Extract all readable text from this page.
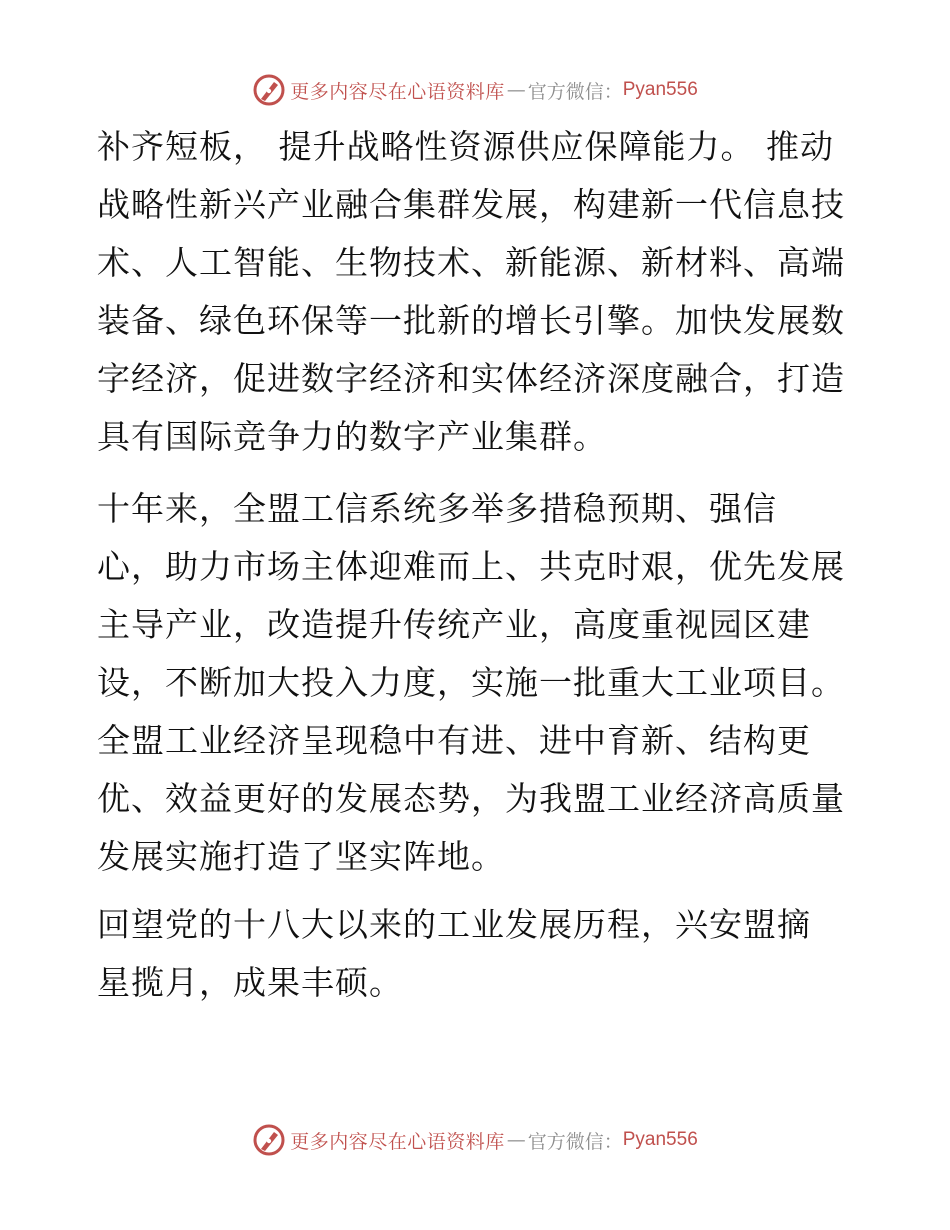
更多内容尽在心语资料库 — 官方微信： Pyan556

补齐短板， 提升战略性资源供应保障能力。 推动
战略性新兴产业融合集群发展，构建新一代信息技
术、人工智能、生物技术、新能源、新材料、高端
装备、绿色环保等一批新的增长引擎。加快发展数
字经济，促进数字经济和实体经济深度融合，打造
具有国际竞争力的数字产业集群。

十年来，全盟工信系统多举多措稳预期、强信
心，助力市场主体迎难而上、共克时艰，优先发展
主导产业，改造提升传统产业，高度重视园区建
设，不断加大投入力度，实施一批重大工业项目。
全盟工业经济呈现稳中有进、进中育新、结构更
优、效益更好的发展态势，为我盟工业经济高质量
发展实施打造了坚实阵地。

回望党的十八大以来的工业发展历程，兴安盟摘
星揽月，成果丰硕。

更多内容尽在心语资料库 — 官方微信： Pyan556
